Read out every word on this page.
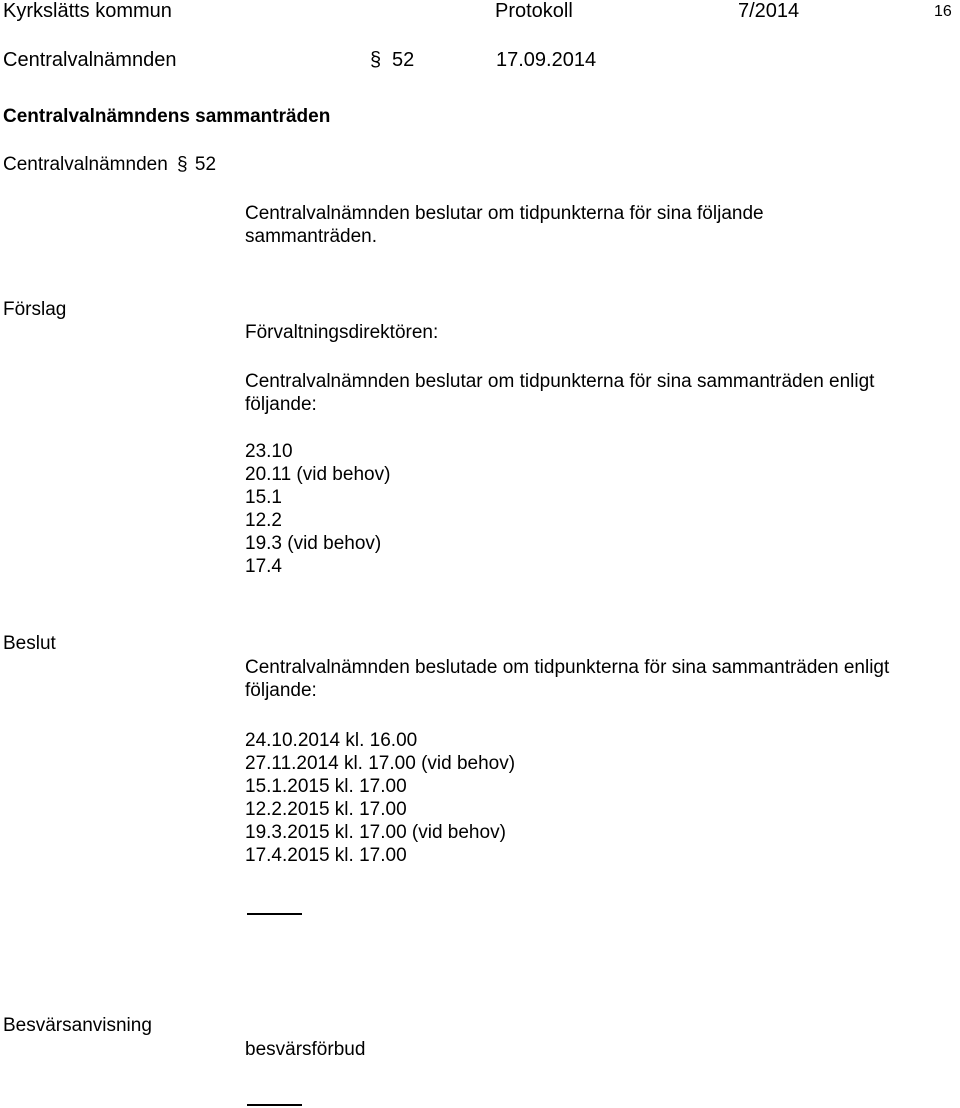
Kyrkslätts kommun	Protokoll	7/2014	16
Centralvalnämnden	§ 52	17.09.2014
Centralvalnämndens sammanträden
Centralvalnämnden § 52
Centralvalnämnden beslutar om tidpunkterna för sina följande
sammanträden.
Förslag
Förvaltningsdirektören:
Centralvalnämnden beslutar om tidpunkterna för sina sammanträden enligt
följande:
23.10
20.11 (vid behov)
15.1
12.2
19.3 (vid behov)
17.4
Beslut
Centralvalnämnden beslutade om tidpunkterna för sina sammanträden enligt
följande:
24.10.2014 kl. 16.00
27.11.2014 kl. 17.00 (vid behov)
15.1.2015 kl. 17.00
12.2.2015 kl. 17.00
19.3.2015 kl. 17.00 (vid behov)
17.4.2015 kl. 17.00
Besvärsanvisning
besvärsförbud
